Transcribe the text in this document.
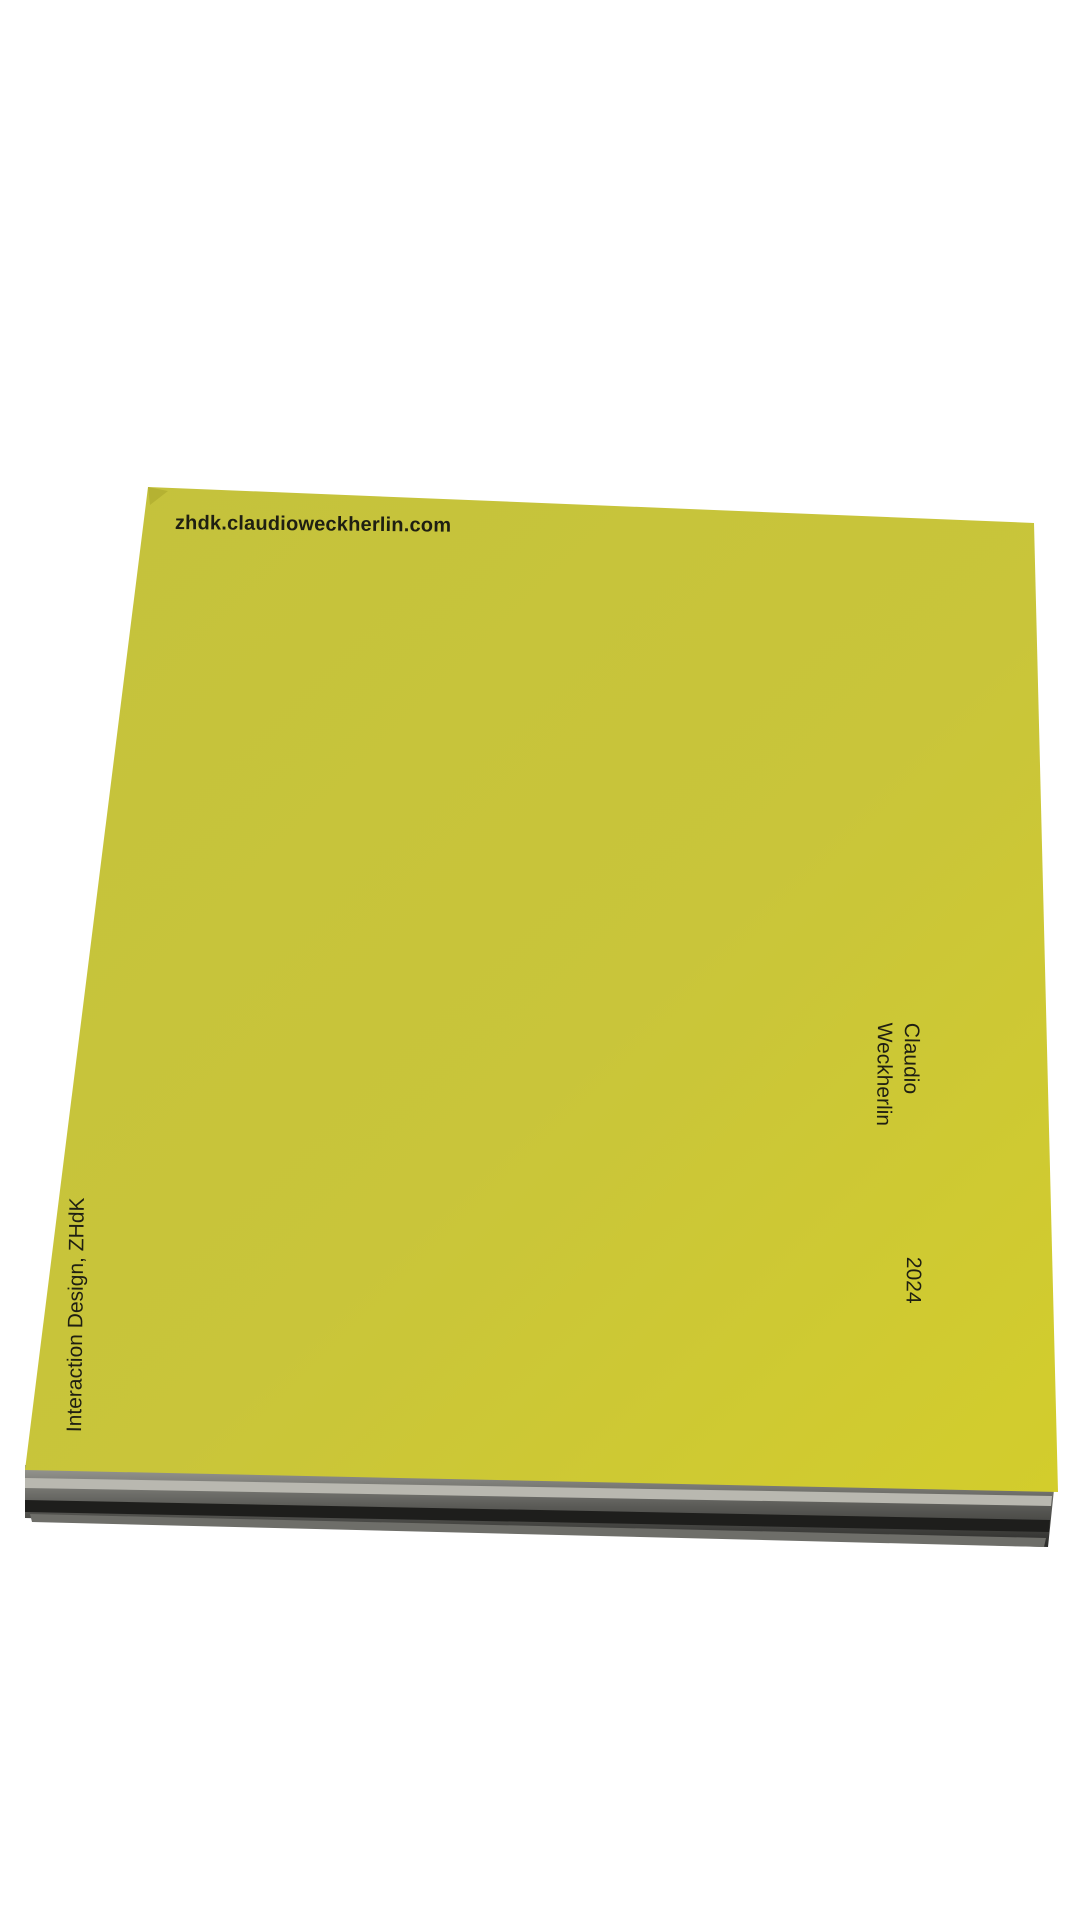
zhdk.claudioweckherlin.com
Interaction Design, ZHdK
Claudio
Weckherlin
2024
